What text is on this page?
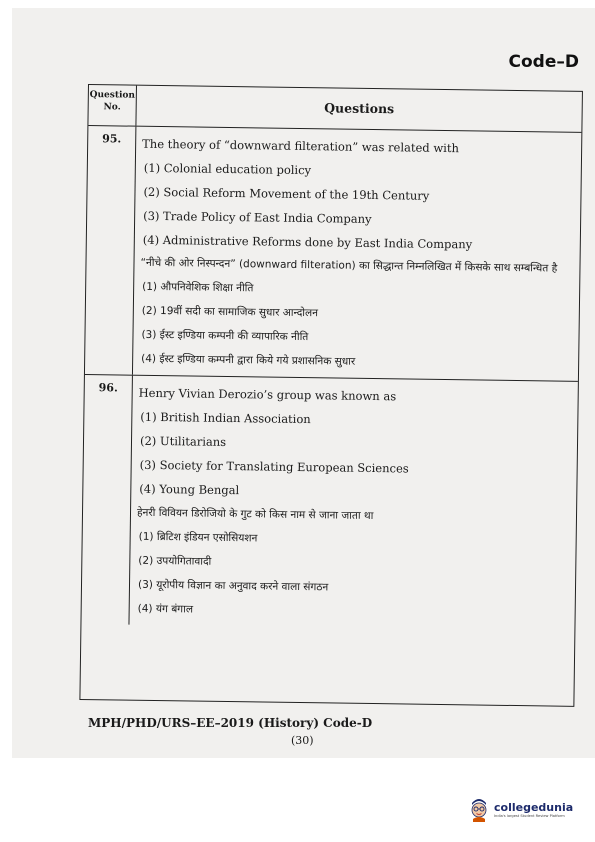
Code–D
Question No.	Questions
95.	The theory of “downward filteration” was related with
(1) Colonial education policy
(2) Social Reform Movement of the 19th Century
(3) Trade Policy of East India Company
(4) Administrative Reforms done by East India Company
“नीचे की ओर निस्पन्दन” (downward filteration) का सिद्धान्त निम्नलिखित में किसके साथ सम्बन्धित है
(1) औपनिवेशिक शिक्षा नीति
(2) 19वीं सदी का सामाजिक सुधार आन्दोलन
(3) ईस्ट इण्डिया कम्पनी की व्यापारिक नीति
(4) ईस्ट इण्डिया कम्पनी द्वारा किये गये प्रशासनिक सुधार
96.	Henry Vivian Derozio’s group was known as
(1) British Indian Association
(2) Utilitarians
(3) Society for Translating European Sciences
(4) Young Bengal
हेनरी विवियन डिरोजियो के गुट को किस नाम से जाना जाता था
(1) ब्रिटिश इंडियन एसोसियशन
(2) उपयोगितावादी
(3) यूरोपीय विज्ञान का अनुवाद करने वाला संगठन
(4) यंग बंगाल
MPH/PHD/URS–EE–2019 (History) Code-D
(30)
collegedunia
India's largest Student Review Platform
